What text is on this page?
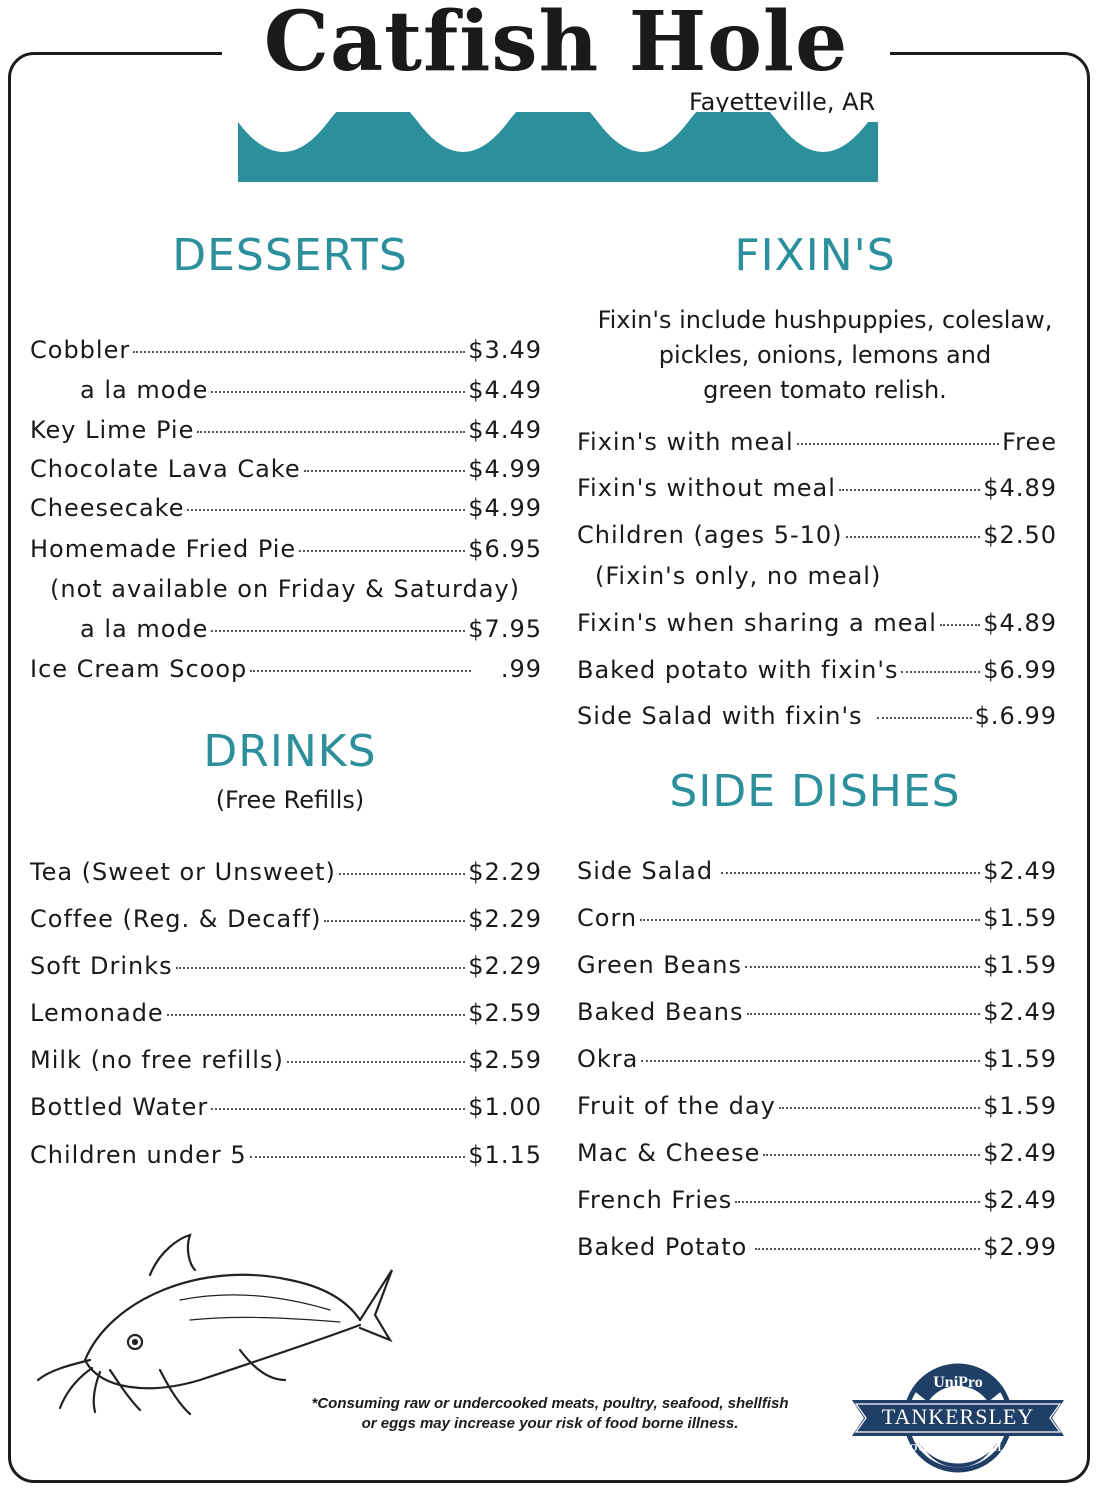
Catfish Hole
Fayetteville, AR
DESSERTS
Cobbler	$3.49
a la mode	$4.49
Key Lime Pie	$4.49
Chocolate Lava Cake	$4.99
Cheesecake	$4.99
Homemade Fried Pie	$6.95
(not available on Friday & Saturday)
a la mode	$7.95
Ice Cream Scoop	.99
DRINKS
(Free Refills)
Tea (Sweet or Unsweet)	$2.29
Coffee (Reg. & Decaff)	$2.29
Soft Drinks	$2.29
Lemonade	$2.59
Milk (no free refills)	$2.59
Bottled Water	$1.00
Children under 5	$1.15
FIXIN'S
Fixin's include hushpuppies, coleslaw,
pickles, onions, lemons and
green tomato relish.
Fixin's with meal	Free
Fixin's without meal	$4.89
Children (ages 5-10)	$2.50
(Fixin's only, no meal)
Fixin's when sharing a meal $4.89
Baked potato with fixin's	$6.99
Side Salad with fixin's	$.6.99
SIDE DISHES
Side Salad	$2.49
Corn	$1.59
Green Beans	$1.59
Baked Beans	$2.49
Okra	$1.59
Fruit of the day	$1.59
Mac & Cheese	$2.49
French Fries	$2.49
Baked Potato	$2.99
*Consuming raw or undercooked meats, poultry, seafood, shellfish
or eggs may increase your risk of food borne illness.
UniPro
TANKERSLEY
FOODSERVICE LLC
